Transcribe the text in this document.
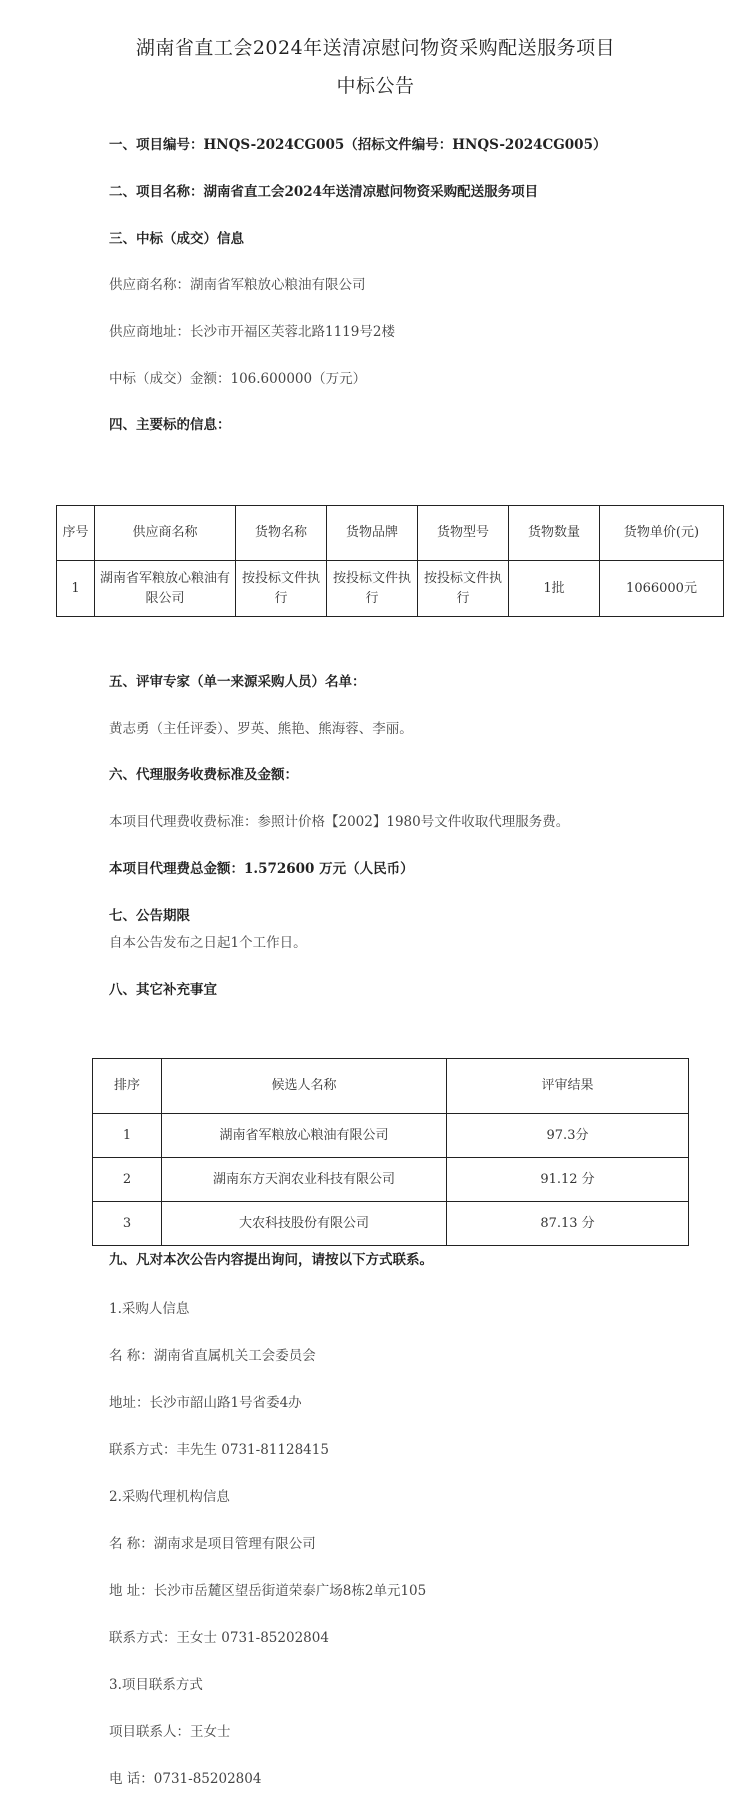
湖南省直工会2024年送清凉慰问物资采购配送服务项目
中标公告
一、项目编号：HNQS-2024CG005（招标文件编号：HNQS-2024CG005）
二、项目名称：湖南省直工会2024年送清凉慰问物资采购配送服务项目
三、中标（成交）信息
供应商名称：湖南省军粮放心粮油有限公司
供应商地址：长沙市开福区芙蓉北路1119号2楼
中标（成交）金额：106.600000（万元）
四、主要标的信息：
序号	供应商名称	货物名称	货物品牌	货物型号	货物数量	货物单价(元)
1	湖南省军粮放心粮油有限公司	按投标文件执行	按投标文件执行	按投标文件执行	1批	1066000元
五、评审专家（单一来源采购人员）名单：
黄志勇（主任评委）、罗英、熊艳、熊海蓉、李丽。
六、代理服务收费标准及金额：
本项目代理费收费标准：参照计价格【2002】1980号文件收取代理服务费。
本项目代理费总金额：1.572600 万元（人民币）
七、公告期限
自本公告发布之日起1个工作日。
八、其它补充事宜
排序	候选人名称	评审结果
1	湖南省军粮放心粮油有限公司	97.3分
2	湖南东方天润农业科技有限公司	91.12 分
3	大农科技股份有限公司	87.13 分
九、凡对本次公告内容提出询问，请按以下方式联系。
1.采购人信息
名 称：湖南省直属机关工会委员会
地址：长沙市韶山路1号省委4办
联系方式：丰先生 0731-81128415
2.采购代理机构信息
名 称：湖南求是项目管理有限公司
地 址：长沙市岳麓区望岳街道荣泰广场8栋2单元105
联系方式：王女士 0731-85202804
3.项目联系方式
项目联系人：王女士
电 话：0731-85202804
